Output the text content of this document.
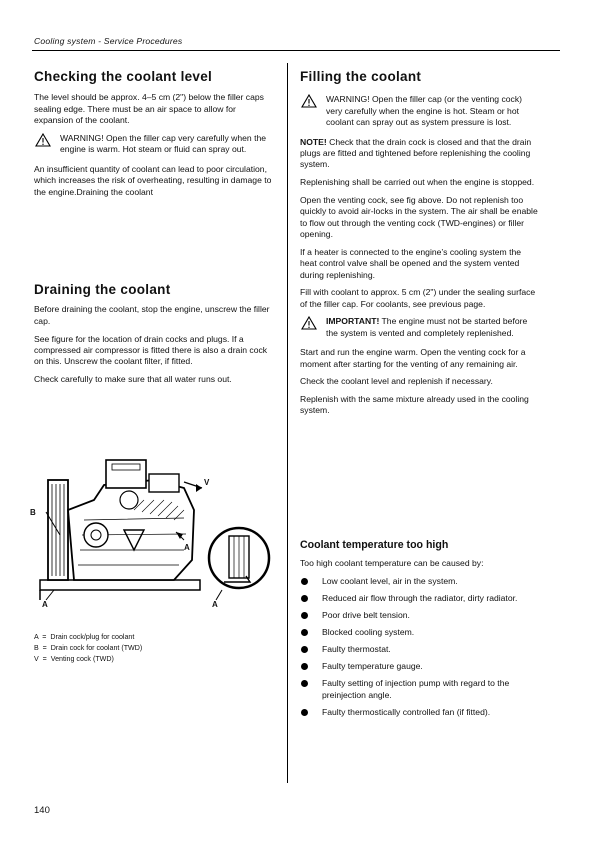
Cooling system - Service Procedures
Checking the coolant level

The level should be approx. 4–5 cm (2") below the filler caps sealing edge. There must be an air space to allow for expansion of the coolant.

WARNING! Open the filler cap very carefully when the engine is warm. Hot steam or fluid can spray out.

An insufficient quantity of coolant can lead to poor circulation, which increases the risk of overheating, resulting in damage to the engine.Draining the coolant

Draining the coolant

Before draining the coolant, stop the engine, unscrew the filler cap.

See figure for the location of drain cocks and plugs. If a compressed air compressor is fitted there is also a drain cock on this. Unscrew the coolant filter, if fitted.

Check carefully to make sure that all water runs out.

V
B
A
A	A
A  =  Drain cock/plug for coolant
B  =  Drain cock for coolant (TWD)
V  =  Venting cock (TWD)
Filling the coolant
WARNING! Open the filler cap (or the venting cock) very carefully when the engine is hot. Steam or hot coolant can spray out as system pressure is lost.

NOTE! Check that the drain cock is closed and that the drain plugs are fitted and tightened before replenishing the cooling system.

Replenishing shall be carried out when the engine is stopped.

Open the venting cock, see fig above. Do not replenish too quickly to avoid air-locks in the system. The air shall be enable to flow out through the venting cock (TWD-engines) or filler opening.

If a heater is connected to the engine’s cooling system the heat control valve shall be opened and the system vented during replenishing.

Fill with coolant to approx. 5 cm (2") under the sealing surface of the filler cap. For coolants, see previous page.

IMPORTANT! The engine must not be started before the system is vented and completely replenished.

Start and run the engine warm. Open the venting cock for a moment after starting for the venting of any remaining air.

Check the coolant level and replenish if necessary.

Replenish with the same mixture already used in the cooling system.

Coolant temperature too high

Too high coolant temperature can be caused by:

Low coolant level, air in the system.
Reduced air flow through the radiator, dirty radiator.
Poor drive belt tension.
Blocked cooling system.
Faulty thermostat.
Faulty temperature gauge.
Faulty setting of injection pump with regard to the preinjection angle.
Faulty thermostically controlled fan (if fitted).
140
